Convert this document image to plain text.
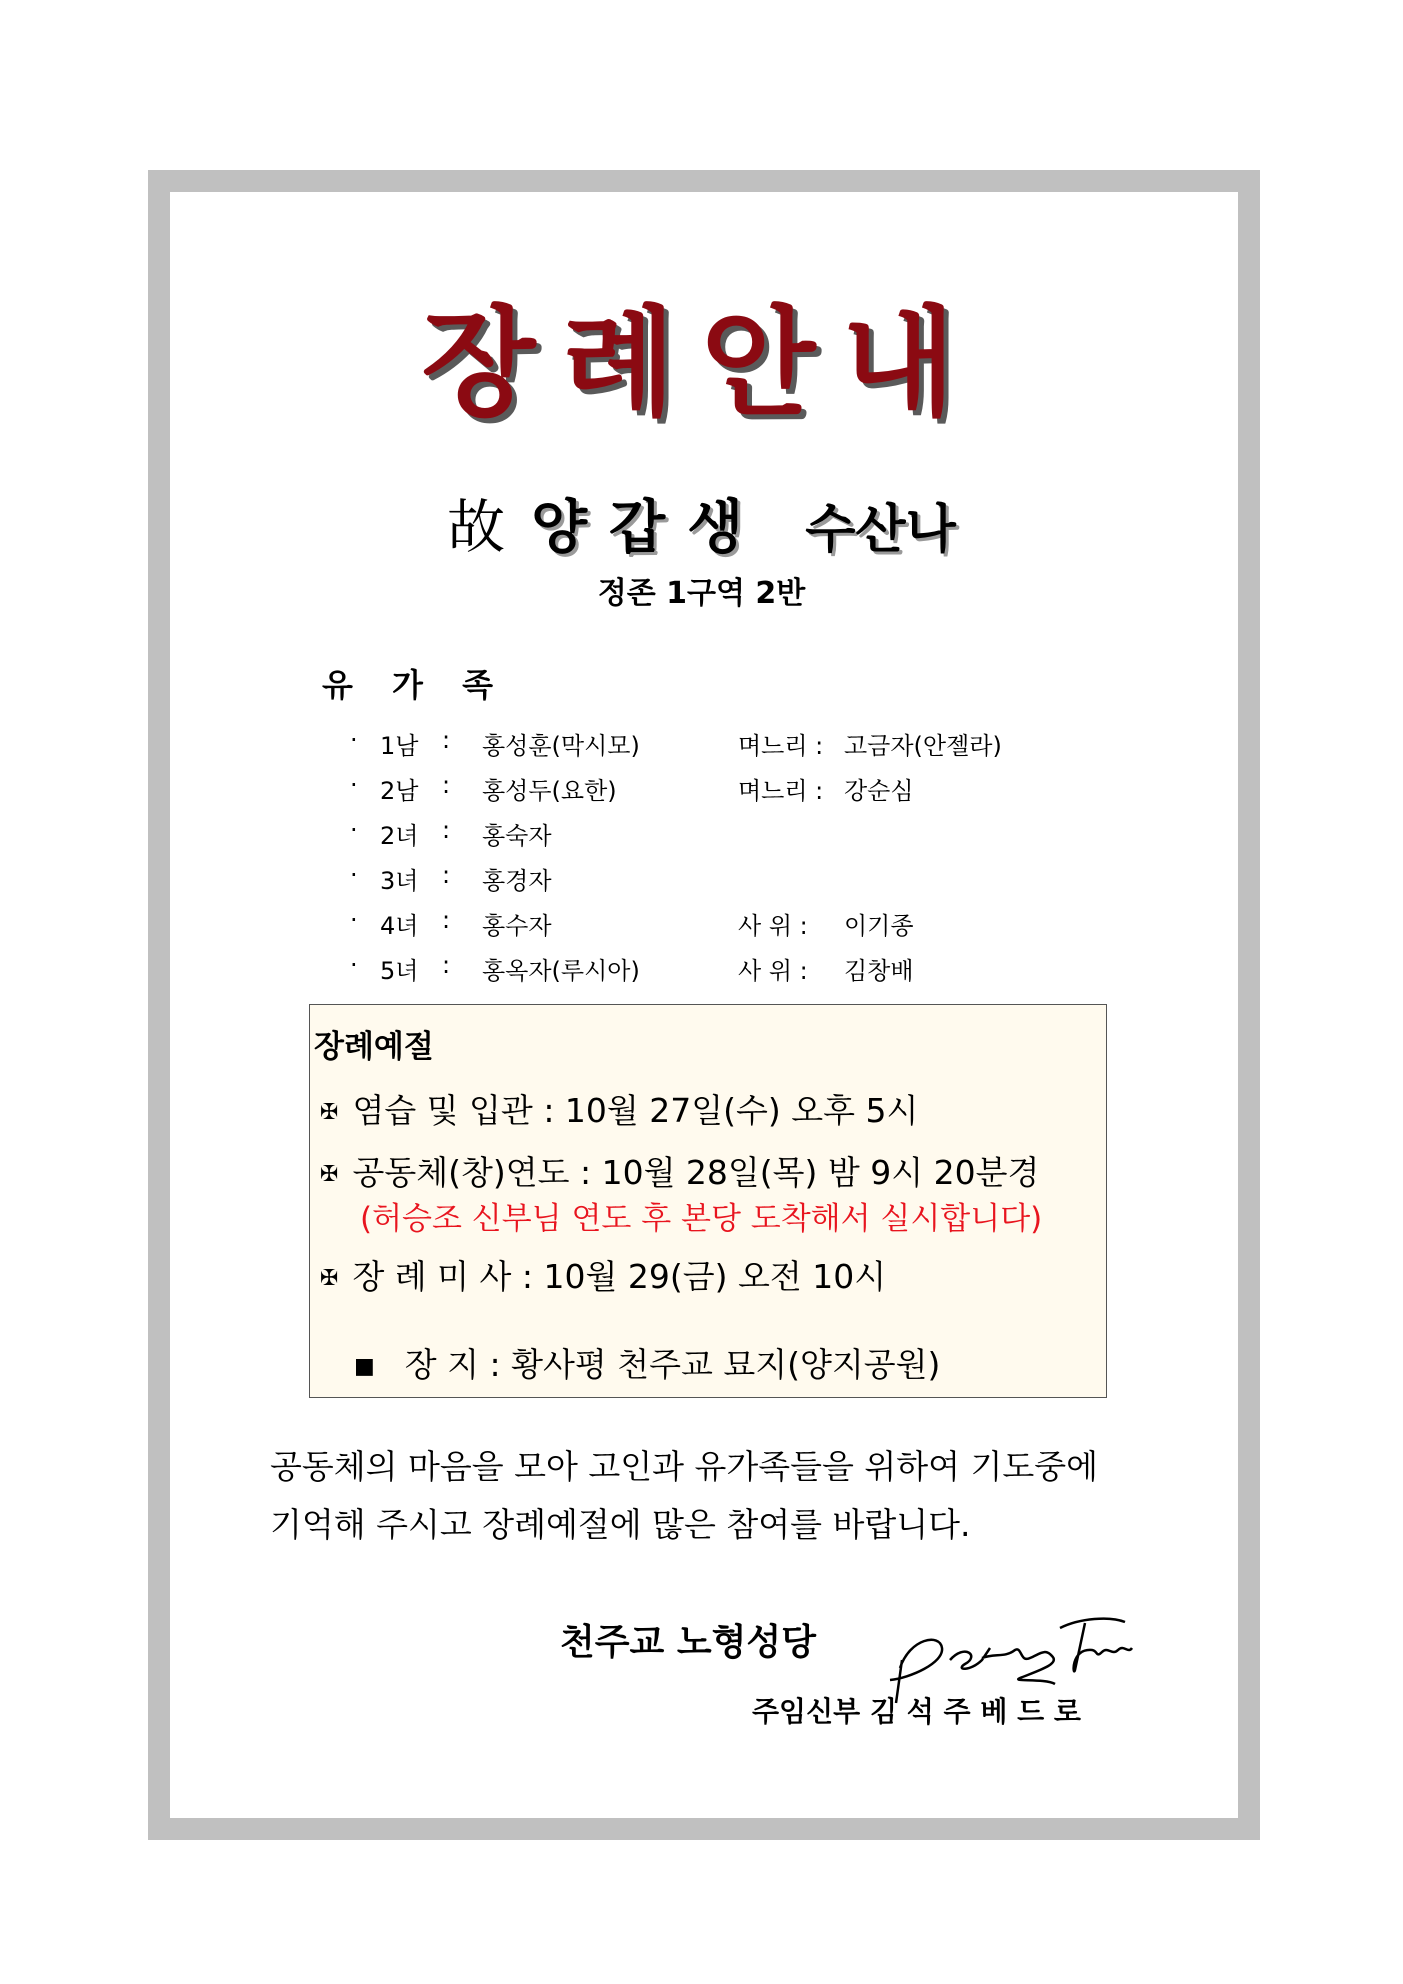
장례안내
故 양갑생 수산나
정존 1구역 2반
유 가 족
· 1남 : 홍성훈(막시모)	며느리 : 고금자(안젤라)
· 2남 : 홍성두(요한)	며느리 : 강순심
· 2녀 : 홍숙자
· 3녀 : 홍경자
· 4녀 : 홍수자	사 위 : 이기종
· 5녀 : 홍옥자(루시아)	사 위 : 김창배
장례예절
✠ 염습 및 입관 : 10월 27일(수) 오후 5시
✠ 공동체(창)연도 : 10월 28일(목) 밤 9시 20분경
(허승조 신부님 연도 후 본당 도착해서 실시합니다)
✠ 장 례 미 사 : 10월 29(금) 오전 10시
■ 장 지 : 황사평 천주교 묘지(양지공원)
공동체의 마음을 모아 고인과 유가족들을 위하여 기도중에
기억해 주시고 장례예절에 많은 참여를 바랍니다.
천주교 노형성당
주임신부 김 석 주 베 드 로
